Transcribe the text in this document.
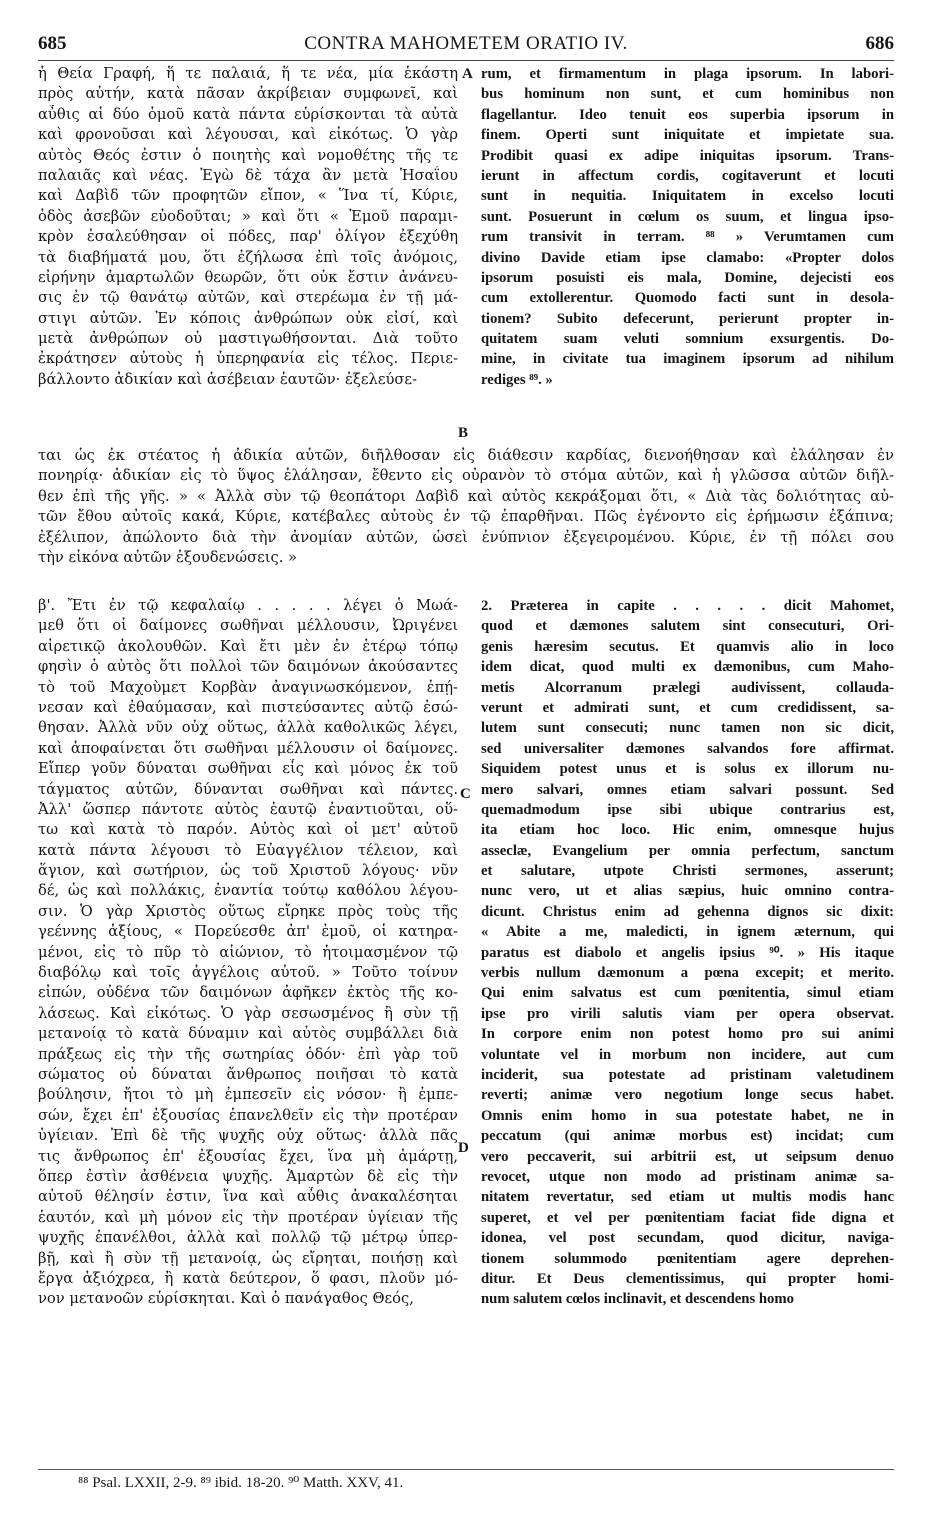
685	CONTRA MAHOMETEM ORATIO IV.	686
A
B
C
D
ἡ Θεία Γραφή, ἥ τε παλαιά, ἥ τε νέα, μία ἑκάστη
πρὸς αὐτήν, κατὰ πᾶσαν ἀκρίβειαν συμφωνεῖ, καὶ
αὖθις αἱ δύο ὁμοῦ κατὰ πάντα εὑρίσκονται τὰ αὐτὰ
καὶ φρονοῦσαι καὶ λέγουσαι, καὶ εἰκότως. Ὁ γὰρ
αὐτὸς Θεός ἐστιν ὁ ποιητὴς καὶ νομοθέτης τῆς τε
παλαιᾶς καὶ νέας. Ἐγὼ δὲ τάχα ἂν μετὰ Ἡσαΐου
καὶ Δαβὶδ τῶν προφητῶν εἴπον, « Ἵνα τί, Κύριε,
ὁδὸς ἀσεβῶν εὐοδοῦται; » καὶ ὅτι « Ἐμοῦ παραμι-
κρὸν ἐσαλεύθησαν οἱ πόδες, παρ' ὀλίγον ἐξεχύθη
τὰ διαβήματά μου, ὅτι ἐζήλωσα ἐπὶ τοῖς ἀνόμοις,
εἰρήνην ἁμαρτωλῶν θεωρῶν, ὅτι οὐκ ἔστιν ἀνάνευ-
σις ἐν τῷ θανάτῳ αὐτῶν, καὶ στερέωμα ἐν τῇ μά-
στιγι αὐτῶν. Ἐν κόποις ἀνθρώπων οὐκ εἰσί, καὶ
μετὰ ἀνθρώπων οὐ μαστιγωθήσονται. Διὰ τοῦτο
ἐκράτησεν αὐτοὺς ἡ ὑπερηφανία εἰς τέλος. Περιε-
βάλλοντο ἀδικίαν καὶ ἀσέβειαν ἑαυτῶν· ἐξελεύσε-
rum, et firmamentum in plaga ipsorum. In labori-
bus hominum non sunt, et cum hominibus non
flagellantur. Ideo tenuit eos superbia ipsorum in
finem. Operti sunt iniquitate et impietate sua.
Prodibit quasi ex adipe iniquitas ipsorum. Trans-
ierunt in affectum cordis, cogitaverunt et locuti
sunt in nequitia. Iniquitatem in excelso locuti
sunt. Posuerunt in cœlum os suum, et lingua ipso-
rum transivit in terram. ⁸⁸ » Verumtamen cum
divino Davide etiam ipse clamabo: «Propter dolos
ipsorum posuisti eis mala, Domine, dejecisti eos
cum extollerentur. Quomodo facti sunt in desola-
tionem? Subito defecerunt, perierunt propter in-
quitatem suam veluti somnium exsurgentis. Do-
mine, in civitate tua imaginem ipsorum ad nihilum
rediges ⁸⁹. »
ται ὡς ἐκ στέατος ἡ ἀδικία αὐτῶν, διῆλθοσαν εἰς διάθεσιν καρδίας, διενοήθησαν καὶ ἐλάλησαν ἐν
πονηρίᾳ· ἀδικίαν εἰς τὸ ὕψος ἐλάλησαν, ἔθεντο εἰς οὐρανὸν τὸ στόμα αὐτῶν, καὶ ἡ γλῶσσα αὐτῶν διῆλ-
θεν ἐπὶ τῆς γῆς. » « Ἀλλὰ σὺν τῷ θεοπάτορι Δαβὶδ καὶ αὐτὸς κεκράξομαι ὅτι, « Διὰ τὰς δολιότητας αὐ-
τῶν ἔθου αὐτοῖς κακά, Κύριε, κατέβαλες αὐτοὺς ἐν τῷ ἐπαρθῆναι. Πῶς ἐγένοντο εἰς ἐρήμωσιν ἐξάπινα;
ἐξέλιπον, ἀπώλοντο διὰ τὴν ἀνομίαν αὐτῶν, ὡσεὶ ἐνύπνιον ἐξεγειρομένου. Κύριε, ἐν τῇ πόλει σου
τὴν εἰκόνα αὐτῶν ἐξουδενώσεις. »
β'. Ἔτι ἐν τῷ κεφαλαίῳ . . . . . λέγει ὁ Μωά-
μεθ ὅτι οἱ δαίμονες σωθῆναι μέλλουσιν, Ὠριγένει
αἱρετικῷ ἀκολουθῶν. Καὶ ἔτι μὲν ἐν ἑτέρῳ τόπῳ
φησὶν ὁ αὐτὸς ὅτι πολλοὶ τῶν δαιμόνων ἀκούσαντες
τὸ τοῦ Μαχοὺμετ Κορβὰν ἀναγινωσκόμενον, ἐπῄ-
νεσαν καὶ ἐθαύμασαν, καὶ πιστεύσαντες αὐτῷ ἐσώ-
θησαν. Ἀλλὰ νῦν οὐχ οὕτως, ἀλλὰ καθολικῶς λέγει,
καὶ ἀποφαίνεται ὅτι σωθῆναι μέλλουσιν οἱ δαίμονες.
Εἴπερ γοῦν δύναται σωθῆναι εἷς καὶ μόνος ἐκ τοῦ
τάγματος αὐτῶν, δύνανται σωθῆναι καὶ πάντες.
Ἀλλ' ὥσπερ πάντοτε αὐτὸς ἑαυτῷ ἐναντιοῦται, οὕ-
τω καὶ κατὰ τὸ παρόν. Αὐτὸς καὶ οἱ μετ' αὐτοῦ
κατὰ πάντα λέγουσι τὸ Εὐαγγέλιον τέλειον, καὶ
ἅγιον, καὶ σωτήριον, ὡς τοῦ Χριστοῦ λόγους· νῦν
δέ, ὡς καὶ πολλάκις, ἐναντία τούτῳ καθόλου λέγου-
σιν. Ὁ γὰρ Χριστὸς οὕτως εἴρηκε πρὸς τοὺς τῆς
γεέννης ἀξίους, « Πορεύεσθε ἀπ' ἐμοῦ, οἱ κατηρα-
μένοι, εἰς τὸ πῦρ τὸ αἰώνιον, τὸ ἡτοιμασμένον τῷ
διαβόλῳ καὶ τοῖς ἀγγέλοις αὐτοῦ. » Τοῦτο τοίνυν
εἰπών, οὐδένα τῶν δαιμόνων ἀφῆκεν ἐκτὸς τῆς κο-
λάσεως. Καὶ εἰκότως. Ὁ γὰρ σεσωσμένος ἢ σὺν τῇ
μετανοίᾳ τὸ κατὰ δύναμιν καὶ αὐτὸς συμβάλλει διὰ
πράξεως εἰς τὴν τῆς σωτηρίας ὁδόν· ἐπὶ γὰρ τοῦ
σώματος οὐ δύναται ἄνθρωπος ποιῆσαι τὸ κατὰ
βούλησιν, ἤτοι τὸ μὴ ἐμπεσεῖν εἰς νόσον· ἢ ἐμπε-
σών, ἔχει ἐπ' ἐξουσίας ἐπανελθεῖν εἰς τὴν προτέραν
ὑγίειαν. Ἐπὶ δὲ τῆς ψυχῆς οὐχ οὕτως· ἀλλὰ πᾶς
τις ἄνθρωπος ἐπ' ἐξουσίας ἔχει, ἵνα μὴ ἁμάρτῃ,
ὅπερ ἐστὶν ἀσθένεια ψυχῆς. Ἁμαρτὼν δὲ εἰς τὴν
αὐτοῦ θέλησίν ἐστιν, ἵνα καὶ αὖθις ἀνακαλέσηται
ἑαυτόν, καὶ μὴ μόνον εἰς τὴν προτέραν ὑγίειαν τῆς
ψυχῆς ἐπανέλθοι, ἀλλὰ καὶ πολλῷ τῷ μέτρῳ ὑπερ-
βῇ, καὶ ἢ σὺν τῇ μετανοίᾳ, ὡς εἴρηται, ποιήσῃ καὶ
ἔργα ἀξιόχρεα, ἢ κατὰ δεύτερον, ὅ φασι, πλοῦν μό-
νον μετανοῶν εὑρίσκηται. Καὶ ὁ πανάγαθος Θεός,
2. Præterea in capite . . . . . dicit Mahomet,
quod et dæmones salutem sint consecuturi, Ori-
genis hæresim secutus. Et quamvis alio in loco
idem dicat, quod multi ex dæmonibus, cum Maho-
metis Alcorranum prælegi audivissent, collauda-
verunt et admirati sunt, et cum credidissent, sa-
lutem sunt consecuti; nunc tamen non sic dicit,
sed universaliter dæmones salvandos fore affirmat.
Siquidem potest unus et is solus ex illorum nu-
mero salvari, omnes etiam salvari possunt. Sed
quemadmodum ipse sibi ubique contrarius est,
ita etiam hoc loco. Hic enim, omnesque hujus
asseclæ, Evangelium per omnia perfectum, sanctum
et salutare, utpote Christi sermones, asserunt;
nunc vero, ut et alias sæpius, huic omnino contra-
dicunt. Christus enim ad gehenna dignos sic dixit:
« Abite a me, maledicti, in ignem æternum, qui
paratus est diabolo et angelis ipsius ⁹⁰. » His itaque
verbis nullum dæmonum a pœna excepit; et merito.
Qui enim salvatus est cum pœnitentia, simul etiam
ipse pro virili salutis viam per opera observat.
In corpore enim non potest homo pro sui animi
voluntate vel in morbum non incidere, aut cum
inciderit, sua potestate ad pristinam valetudinem
reverti; animæ vero negotium longe secus habet.
Omnis enim homo in sua potestate habet, ne in
peccatum (qui animæ morbus est) incidat; cum
vero peccaverit, sui arbitrii est, ut seipsum denuo
revocet, utque non modo ad pristinam animæ sa-
nitatem revertatur, sed etiam ut multis modis hanc
superet, et vel per pœnitentiam faciat fide digna et
idonea, vel post secundam, quod dicitur, naviga-
tionem solummodo pœnitentiam agere deprehen-
ditur. Et Deus clementissimus, qui propter homi-
num salutem cœlos inclinavit, et descendens homo
⁸⁸ Psal. LXXII, 2-9. ⁸⁹ ibid. 18-20. ⁹⁰ Matth. XXV, 41.
